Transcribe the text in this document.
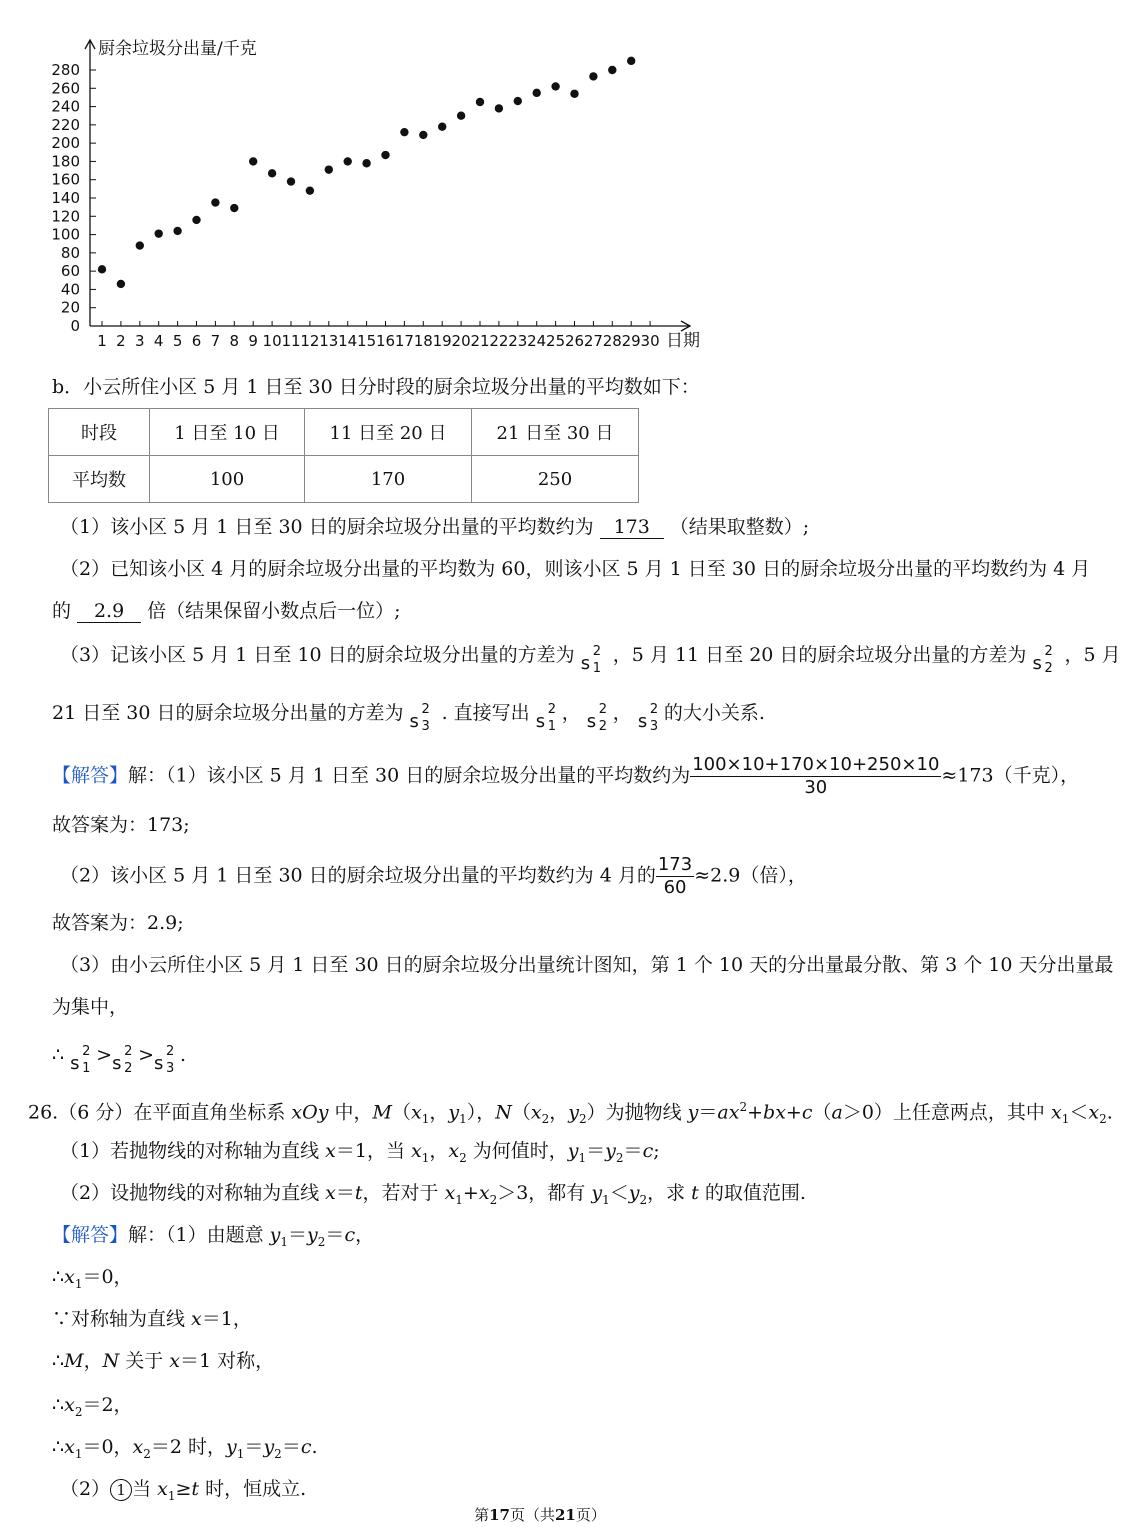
0
20
40
60
80
100
120
140
160
180
200
220
240
260
280
1 2 3 4 5 6 7 8 9 10 11 12 13 14 15 16 17 18 19 20 21 22 23 24 25 26 27 28 29 30
厨余垃圾分出量/千克
日期
b．小云所住小区 5 月 1 日至 30 日分时段的厨余垃圾分出量的平均数如下：
时段	1 日至 10 日	11 日至 20 日	21 日至 30 日
平均数	100	170	250
（1）该小区 5 月 1 日至 30 日的厨余垃圾分出量的平均数约为 173 （结果取整数）;
（2）已知该小区 4 月的厨余垃圾分出量的平均数为 60，则该小区 5 月 1 日至 30 日的厨余垃圾分出量的平均数约为 4 月
的 2.9 倍（结果保留小数点后一位）;
（3）记该小区 5 月 1 日至 10 日的厨余垃圾分出量的方差为 s
2
1
，5 月 11 日至 20 日的厨余垃圾分出量的方差为 s
2
2
，5 月
21 日至 30 日的厨余垃圾分出量的方差为 s
2
3
. 直接写出 s
2
1
， s
2
2
， s
2
3
的大小关系.
【解答】解：（1）该小区 5 月 1 日至 30 日的厨余垃圾分出量的平均数约为 $\frac{100\times 10+170\times 10+250\times 10}{30} \approx 173$（千克），
故答案为：173;
（2）该小区 5 月 1 日至 30 日的厨余垃圾分出量的平均数约为 4 月的 $\frac{173}{60} \approx 2.9$（倍），
故答案为：2.9;
（3）由小云所住小区 5 月 1 日至 30 日的厨余垃圾分出量统计图知，第 1 个 10 天的分出量最分散、第 3 个 10 天分出量最
为集中，
∴ s
2
1
> s
2
2
> s
2
3
.
26.（6 分）在平面直角坐标系 xOy 中，$M(x_1$，$y_1$），$N(x_2$，$y_2$）为抛物线 $y=ax^2+bx+c(a>0)$上任意两点，其中 $x_1<x_2$.
（1）若抛物线的对称轴为直线 x＝1，当 $x_1$，$x_2$ 为何值时，$y_1=y_2=c$;
（2）设抛物线的对称轴为直线 x＝t，若对于 $x_1+x_2>3$，都有 $y_1<y_2$，求 t 的取值范围.
【解答】解：（1）由题意 $y_1=y_2=c$，
$\therefore x_1=0$，
∵对称轴为直线 x＝1，
∴M，N 关于 x＝1 对称，
$\therefore x_2=2$，
$\therefore x_1=0$，$x_2=2$ 时，$y_1=y_2=c$.
（2） 1 当 $x_1\ge t$ 时，恒成立.
第17页（共21页）
